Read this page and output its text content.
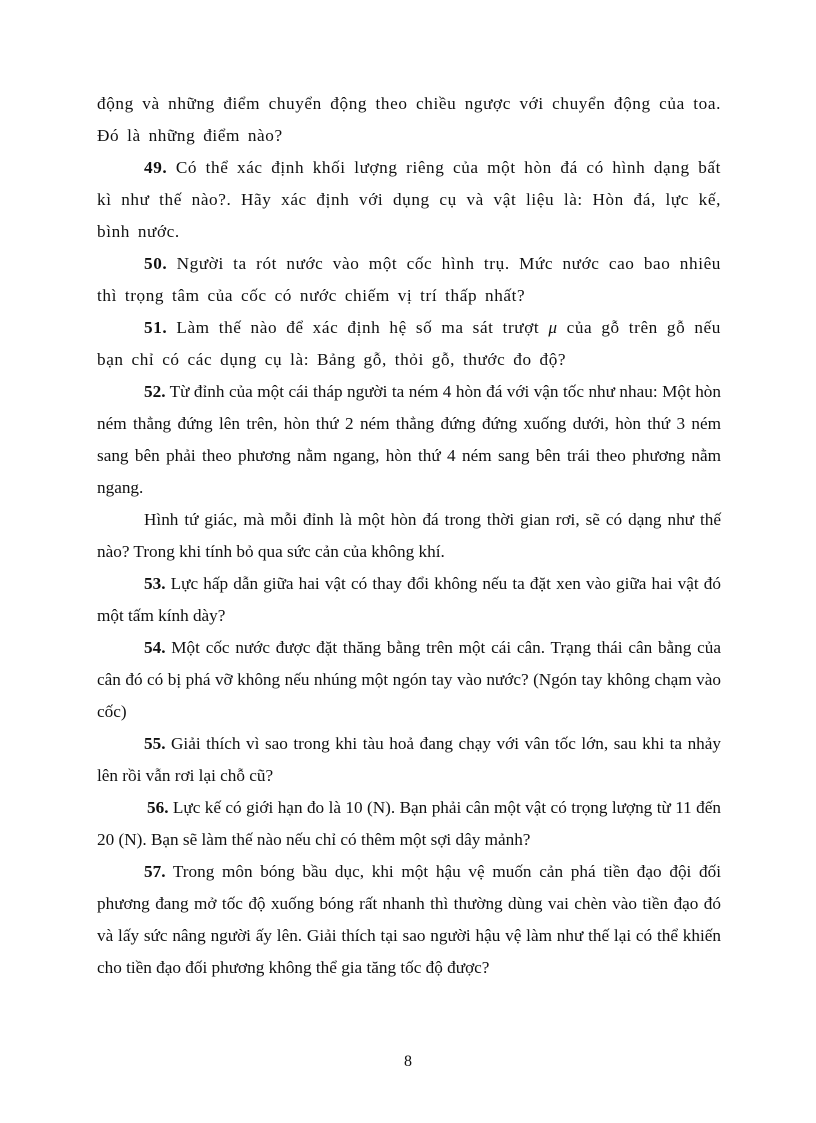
động và những điểm chuyển động theo chiều ngược với chuyển động của toa. Đó là những điểm nào?

49. Có thể xác định khối lượng riêng của một hòn đá có hình dạng bất kì như thế nào?. Hãy xác định với dụng cụ và vật liệu là: Hòn đá, lực kế, bình nước.

50. Người ta rót nước vào một cốc hình trụ. Mức nước cao bao nhiêu thì trọng tâm của cốc có nước chiếm vị trí thấp nhất?

51. Làm thế nào để xác định hệ số ma sát trượt μ của gỗ trên gỗ nếu bạn chỉ có các dụng cụ là: Bảng gỗ, thỏi gỗ, thước đo độ?

52. Từ đỉnh của một cái tháp người ta ném 4 hòn đá với vận tốc như nhau: Một hòn ném thẳng đứng lên trên, hòn thứ 2 ném thẳng đứng đứng xuống dưới, hòn thứ 3 ném sang bên phải theo phương nằm ngang, hòn thứ 4 ném sang bên trái theo phương nằm ngang.

Hình tứ giác, mà mỗi đỉnh là một hòn đá trong thời gian rơi, sẽ có dạng như thế nào? Trong khi tính bỏ qua sức cản của không khí.

53. Lực hấp dẫn giữa hai vật có thay đổi không nếu ta đặt xen vào giữa hai vật đó một tấm kính dày?

54. Một cốc nước được đặt thăng bằng trên một cái cân. Trạng thái cân bằng của cân đó có bị phá vỡ không nếu nhúng một ngón tay vào nước? (Ngón tay không chạm vào cốc)

55. Giải thích vì sao trong khi tàu hoả đang chạy với vân tốc lớn, sau khi ta nhảy lên rồi vẫn rơi lại chỗ cũ?

56. Lực kế có giới hạn đo là 10 (N). Bạn phải cân một vật có trọng lượng từ 11 đến 20 (N). Bạn sẽ làm thế nào nếu chỉ có thêm một sợi dây mảnh?

57. Trong môn bóng bầu dục, khi một hậu vệ muốn cản phá tiền đạo đội đối phương đang mở tốc độ xuống bóng rất nhanh thì thường dùng vai chèn vào tiền đạo đó và lấy sức nâng người ấy lên. Giải thích tại sao người hậu vệ làm như thế lại có thể khiến cho tiền đạo đối phương không thể gia tăng tốc độ được?

8
